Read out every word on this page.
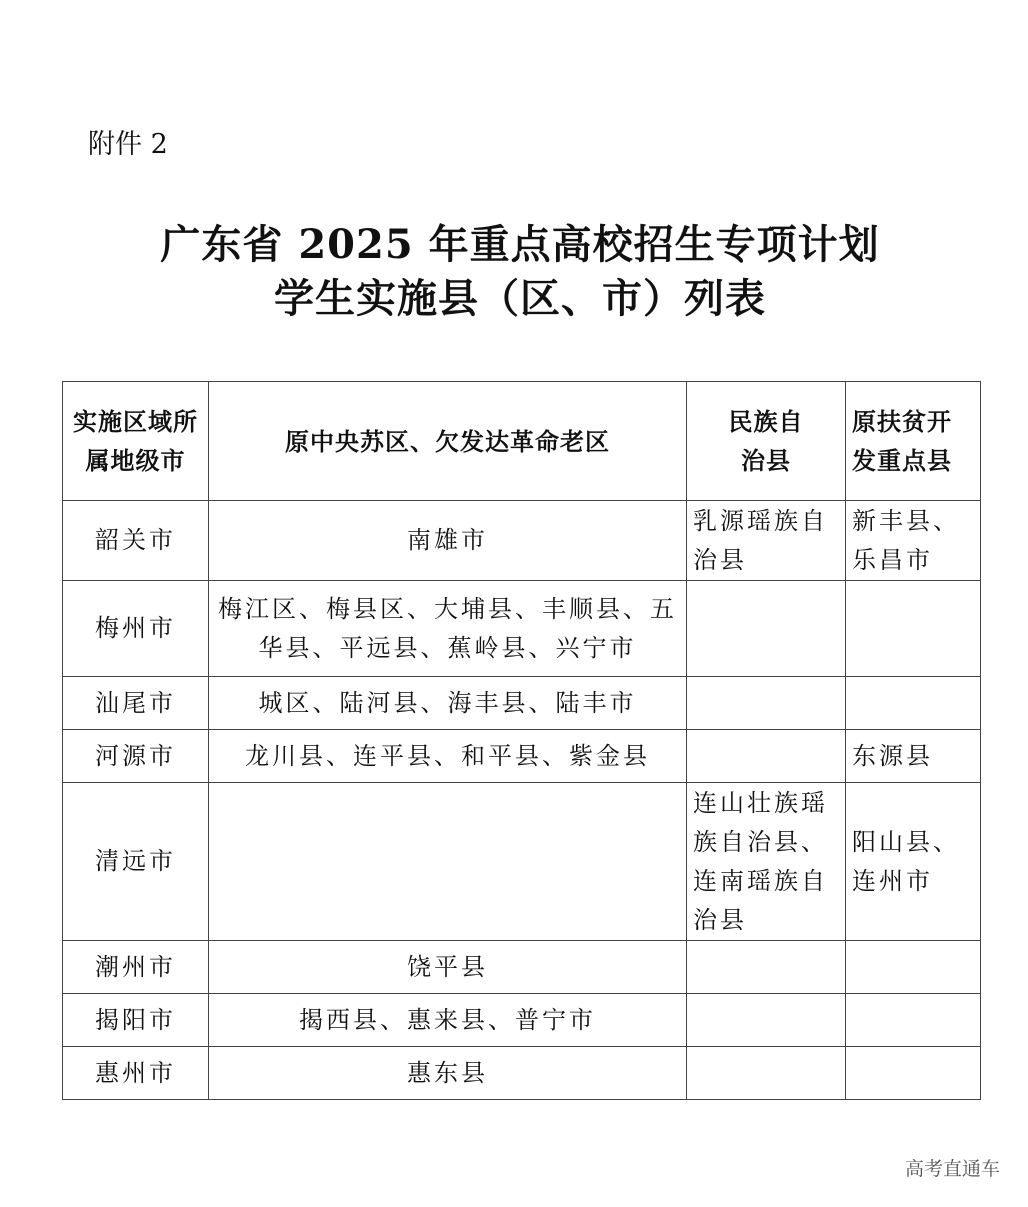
附件 2
广东省 2025 年重点高校招生专项计划
学生实施县（区、市）列表
实施区域所属地级市	原中央苏区、欠发达革命老区	民族自治县	原扶贫开发重点县
韶关市	南雄市	乳源瑶族自治县	新丰县、乐昌市
梅州市	梅江区、梅县区、大埔县、丰顺县、五华县、平远县、蕉岭县、兴宁市		
汕尾市	城区、陆河县、海丰县、陆丰市		
河源市	龙川县、连平县、和平县、紫金县		东源县
清远市		连山壮族瑶族自治县、连南瑶族自治县	阳山县、连州市
潮州市	饶平县		
揭阳市	揭西县、惠来县、普宁市		
惠州市	惠东县		
高考直通车
